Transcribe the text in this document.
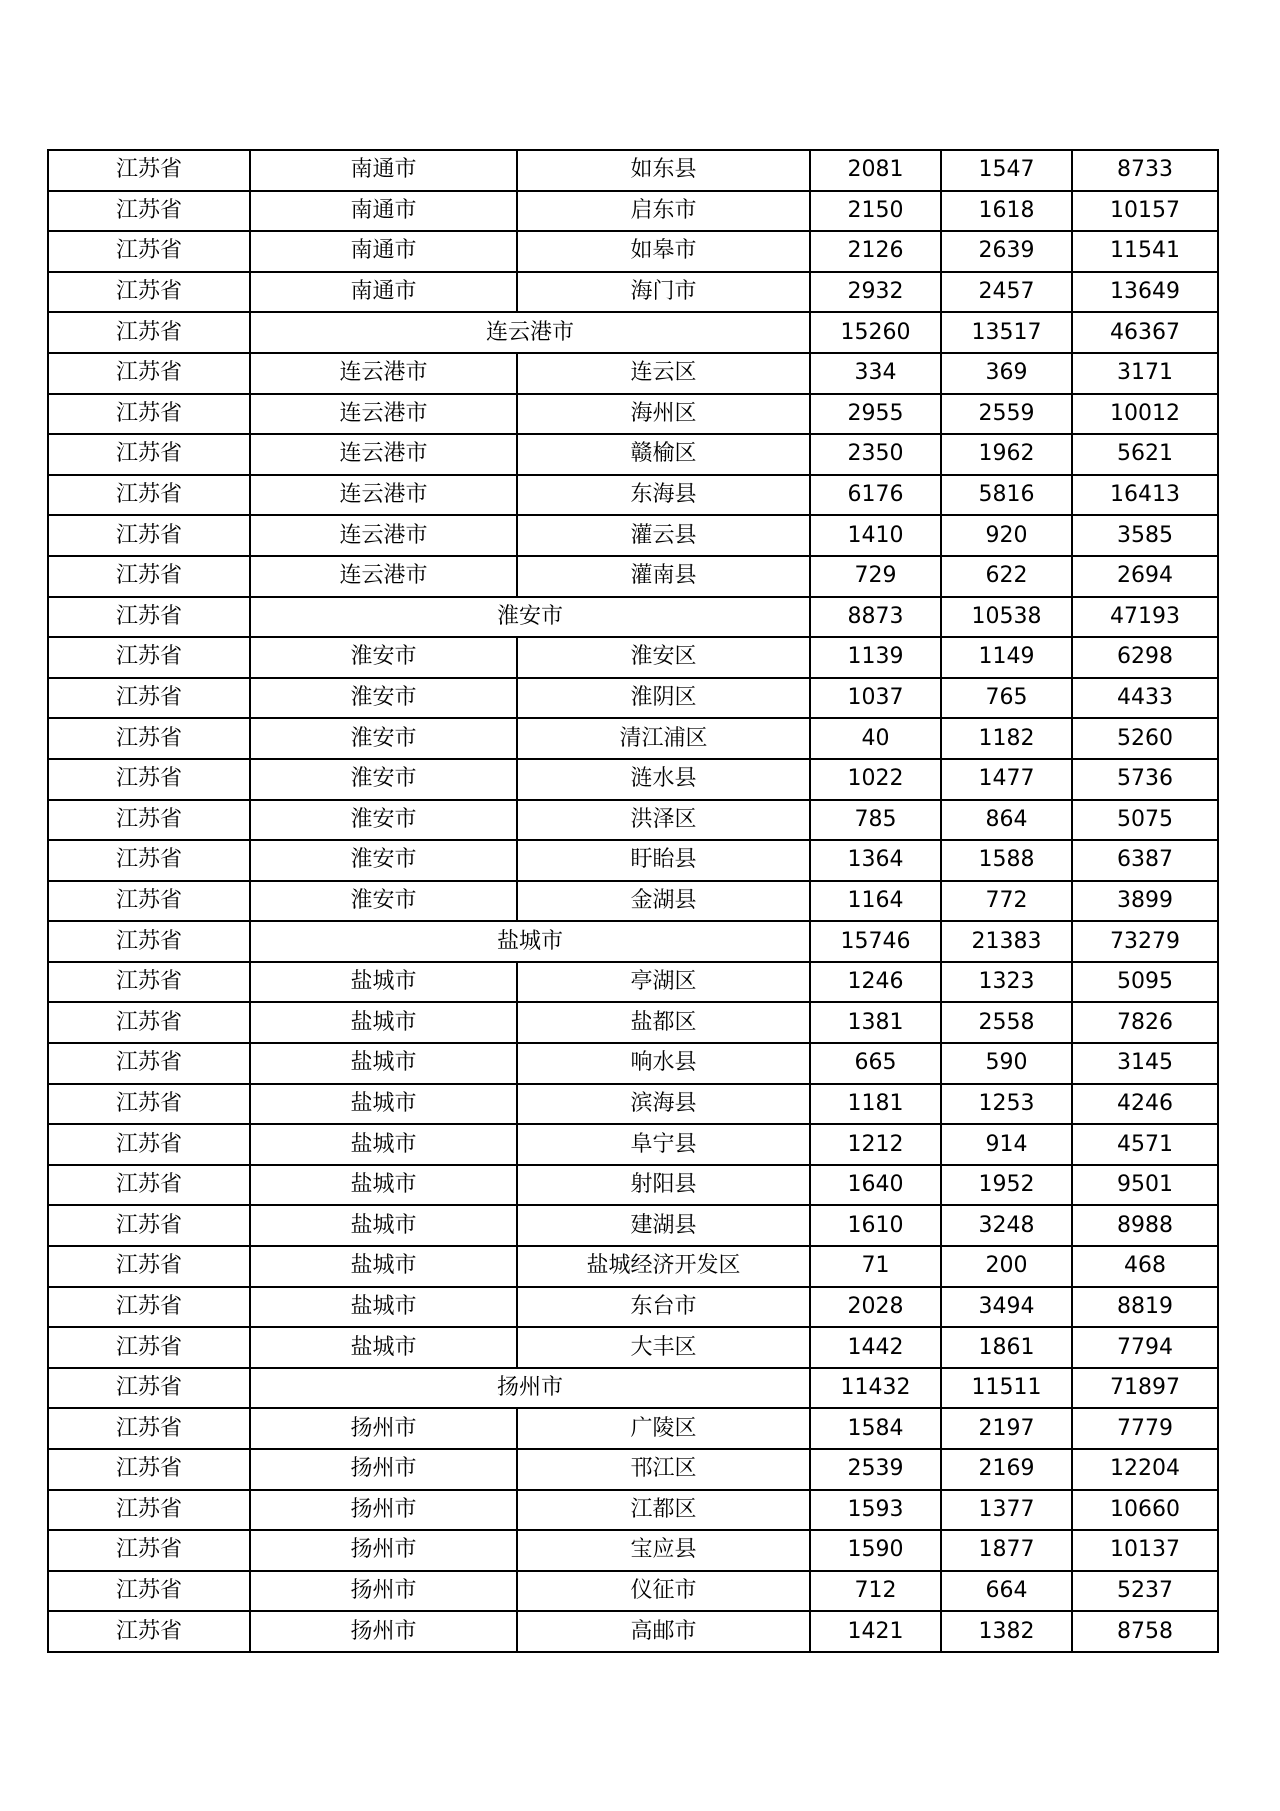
江苏省	南通市	如东县	2081	1547	8733
江苏省	南通市	启东市	2150	1618	10157
江苏省	南通市	如皋市	2126	2639	11541
江苏省	南通市	海门市	2932	2457	13649
江苏省	连云港市		15260	13517	46367
江苏省	连云港市	连云区	334	369	3171
江苏省	连云港市	海州区	2955	2559	10012
江苏省	连云港市	赣榆区	2350	1962	5621
江苏省	连云港市	东海县	6176	5816	16413
江苏省	连云港市	灌云县	1410	920	3585
江苏省	连云港市	灌南县	729	622	2694
江苏省	淮安市		8873	10538	47193
江苏省	淮安市	淮安区	1139	1149	6298
江苏省	淮安市	淮阴区	1037	765	4433
江苏省	淮安市	清江浦区	40	1182	5260
江苏省	淮安市	涟水县	1022	1477	5736
江苏省	淮安市	洪泽区	785	864	5075
江苏省	淮安市	盱眙县	1364	1588	6387
江苏省	淮安市	金湖县	1164	772	3899
江苏省	盐城市		15746	21383	73279
江苏省	盐城市	亭湖区	1246	1323	5095
江苏省	盐城市	盐都区	1381	2558	7826
江苏省	盐城市	响水县	665	590	3145
江苏省	盐城市	滨海县	1181	1253	4246
江苏省	盐城市	阜宁县	1212	914	4571
江苏省	盐城市	射阳县	1640	1952	9501
江苏省	盐城市	建湖县	1610	3248	8988
江苏省	盐城市	盐城经济开发区	71	200	468
江苏省	盐城市	东台市	2028	3494	8819
江苏省	盐城市	大丰区	1442	1861	7794
江苏省	扬州市		11432	11511	71897
江苏省	扬州市	广陵区	1584	2197	7779
江苏省	扬州市	邗江区	2539	2169	12204
江苏省	扬州市	江都区	1593	1377	10660
江苏省	扬州市	宝应县	1590	1877	10137
江苏省	扬州市	仪征市	712	664	5237
江苏省	扬州市	高邮市	1421	1382	8758
